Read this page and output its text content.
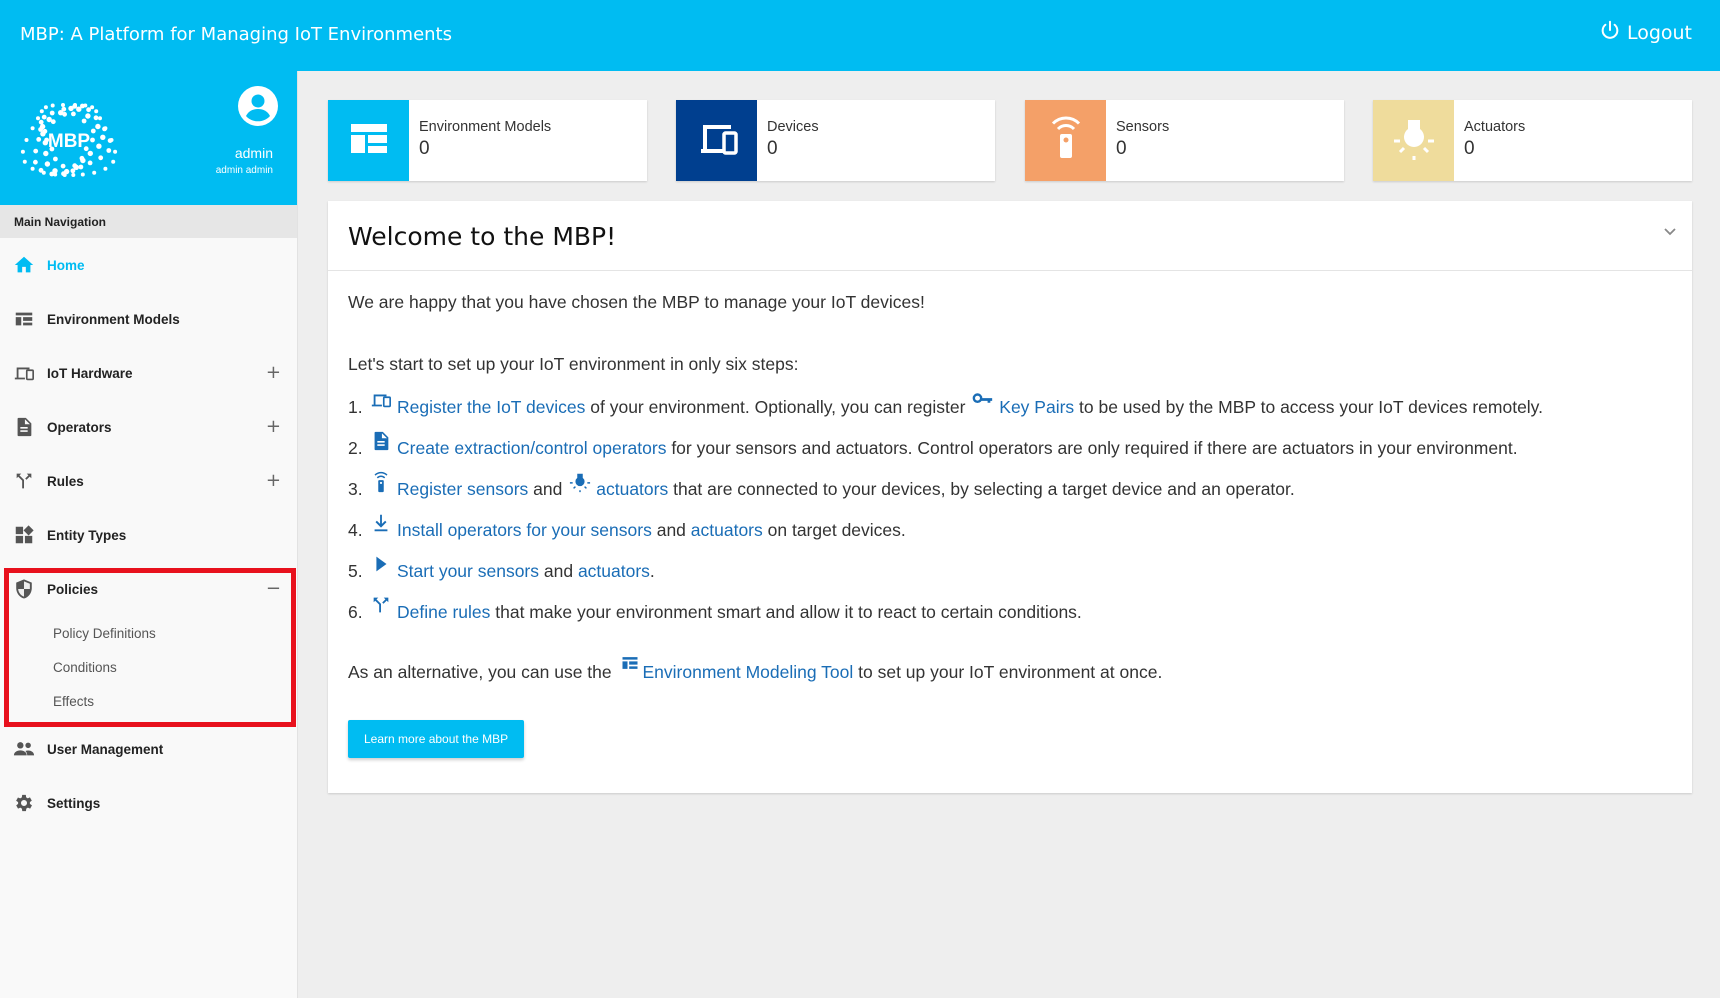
MBP: A Platform for Managing IoT Environments	Logout
MBP
admin
admin admin
Main Navigation
Home
Environment Models
IoT Hardware	+
Operators	+
Rules	+
Entity Types
Policies	−
Policy Definitions
Conditions
Effects
User Management
Settings
Environment Models
0
Devices
0
Sensors
0
Actuators
0
Welcome to the MBP!
We are happy that you have chosen the MBP to manage your IoT devices!
Let's start to set up your IoT environment in only six steps:
1.	Register the IoT devices of your environment. Optionally, you can register Key Pairs to be used by the MBP to access your IoT devices remotely.
2.	Create extraction/control operators for your sensors and actuators. Control operators are only required if there are actuators in your environment.
3.	Register sensors and actuators that are connected to your devices, by selecting a target device and an operator.
4.	Install operators for your sensors and actuators on target devices.
5.	Start your sensors and actuators .
6.	Define rules that make your environment smart and allow it to react to certain conditions.
As an alternative, you can use the Environment Modeling Tool to set up your IoT environment at once.
Learn more about the MBP
